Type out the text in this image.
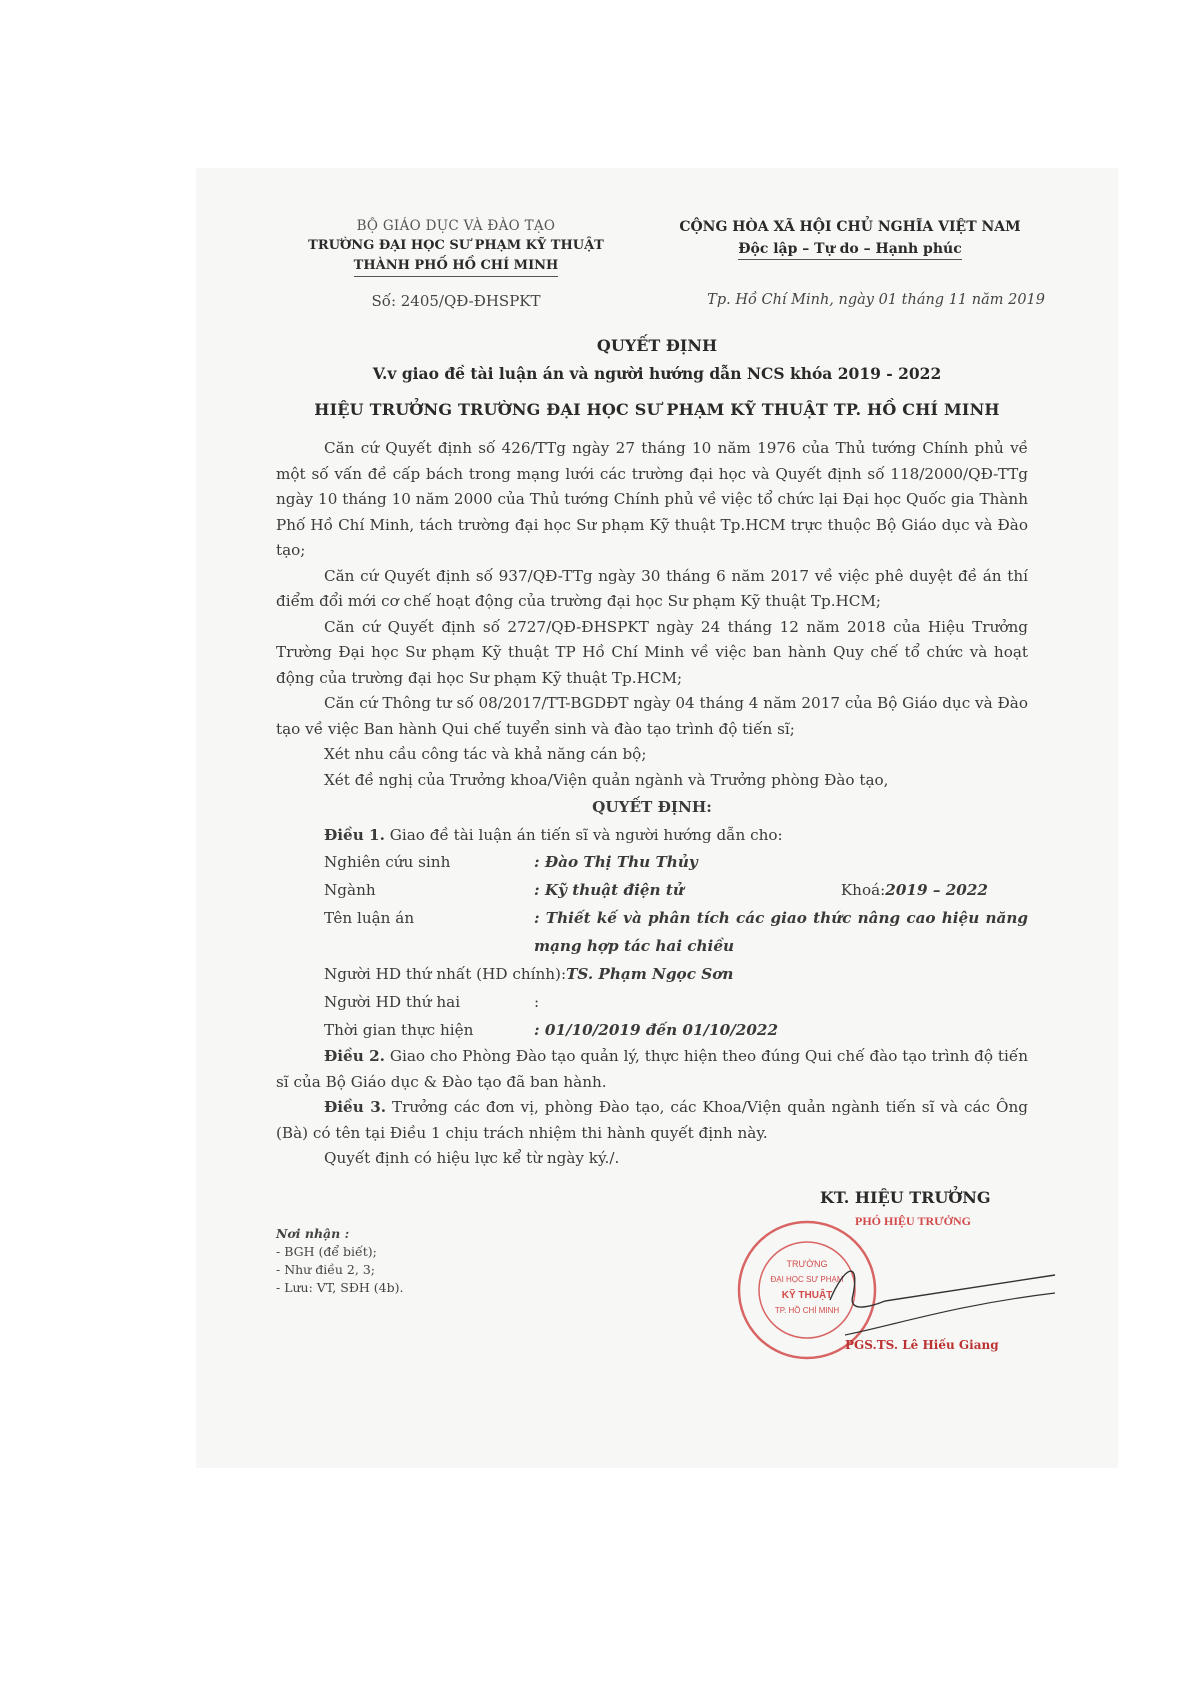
BỘ GIÁO DỤC VÀ ĐÀO TẠO
TRƯỜNG ĐẠI HỌC SƯ PHẠM KỸ THUẬT
THÀNH PHỐ HỒ CHÍ MINH
CỘNG HÒA XÃ HỘI CHỦ NGHĨA VIỆT NAM
Độc lập – Tự do – Hạnh phúc
Số: 2405/QĐ-ĐHSPKT	Tp. Hồ Chí Minh, ngày 01 tháng 11 năm 2019
QUYẾT ĐỊNH
V.v giao đề tài luận án và người hướng dẫn NCS khóa 2019 - 2022
HIỆU TRƯỞNG TRƯỜNG ĐẠI HỌC SƯ PHẠM KỸ THUẬT TP. HỒ CHÍ MINH

Căn cứ Quyết định số 426/TTg ngày 27 tháng 10 năm 1976 của Thủ tướng Chính phủ về một số vấn đề cấp bách trong mạng lưới các trường đại học và Quyết định số 118/2000/QĐ-TTg ngày 10 tháng 10 năm 2000 của Thủ tướng Chính phủ về việc tổ chức lại Đại học Quốc gia Thành Phố Hồ Chí Minh, tách trường đại học Sư phạm Kỹ thuật Tp.HCM trực thuộc Bộ Giáo dục và Đào tạo;

Căn cứ Quyết định số 937/QĐ-TTg ngày 30 tháng 6 năm 2017 về việc phê duyệt đề án thí điểm đổi mới cơ chế hoạt động của trường đại học Sư phạm Kỹ thuật Tp.HCM;

Căn cứ Quyết định số 2727/QĐ-ĐHSPKT ngày 24 tháng 12 năm 2018 của Hiệu Trưởng Trường Đại học Sư phạm Kỹ thuật TP Hồ Chí Minh về việc ban hành Quy chế tổ chức và hoạt động của trường đại học Sư phạm Kỹ thuật Tp.HCM;

Căn cứ Thông tư số 08/2017/TT-BGDĐT ngày 04 tháng 4 năm 2017 của Bộ Giáo dục và Đào tạo về việc Ban hành Qui chế tuyển sinh và đào tạo trình độ tiến sĩ;

Xét nhu cầu công tác và khả năng cán bộ;

Xét đề nghị của Trưởng khoa/Viện quản ngành và Trưởng phòng Đào tạo,

QUYẾT ĐỊNH:

Điều 1. Giao đề tài luận án tiến sĩ và người hướng dẫn cho:

Nghiên cứu sinh	: Đào Thị Thu Thủy
Ngành	: Kỹ thuật điện tử	Khoá: 2019 – 2022
Tên luận án	: Thiết kế và phân tích các giao thức nâng cao hiệu năng mạng hợp tác hai chiều
Người HD thứ nhất (HD chính): TS. Phạm Ngọc Sơn
Người HD thứ hai	:
Thời gian thực hiện	: 01/10/2019 đến 01/10/2022

Điều 2. Giao cho Phòng Đào tạo quản lý, thực hiện theo đúng Qui chế đào tạo trình độ tiến sĩ của Bộ Giáo dục & Đào tạo đã ban hành.

Điều 3. Trưởng các đơn vị, phòng Đào tạo, các Khoa/Viện quản ngành tiến sĩ và các Ông (Bà) có tên tại Điều 1 chịu trách nhiệm thi hành quyết định này.

Quyết định có hiệu lực kể từ ngày ký./.

Nơi nhận :
- BGH (để biết);
- Như điều 2, 3;
- Lưu: VT, SĐH (4b).
KT. HIỆU TRƯỞNG
PHÓ HIỆU TRƯỞNG
TRƯỜNG
ĐẠI HỌC SƯ PHẠM
KỸ THUẬT
TP. HỒ CHÍ MINH
PGS.TS. Lê Hiếu Giang
